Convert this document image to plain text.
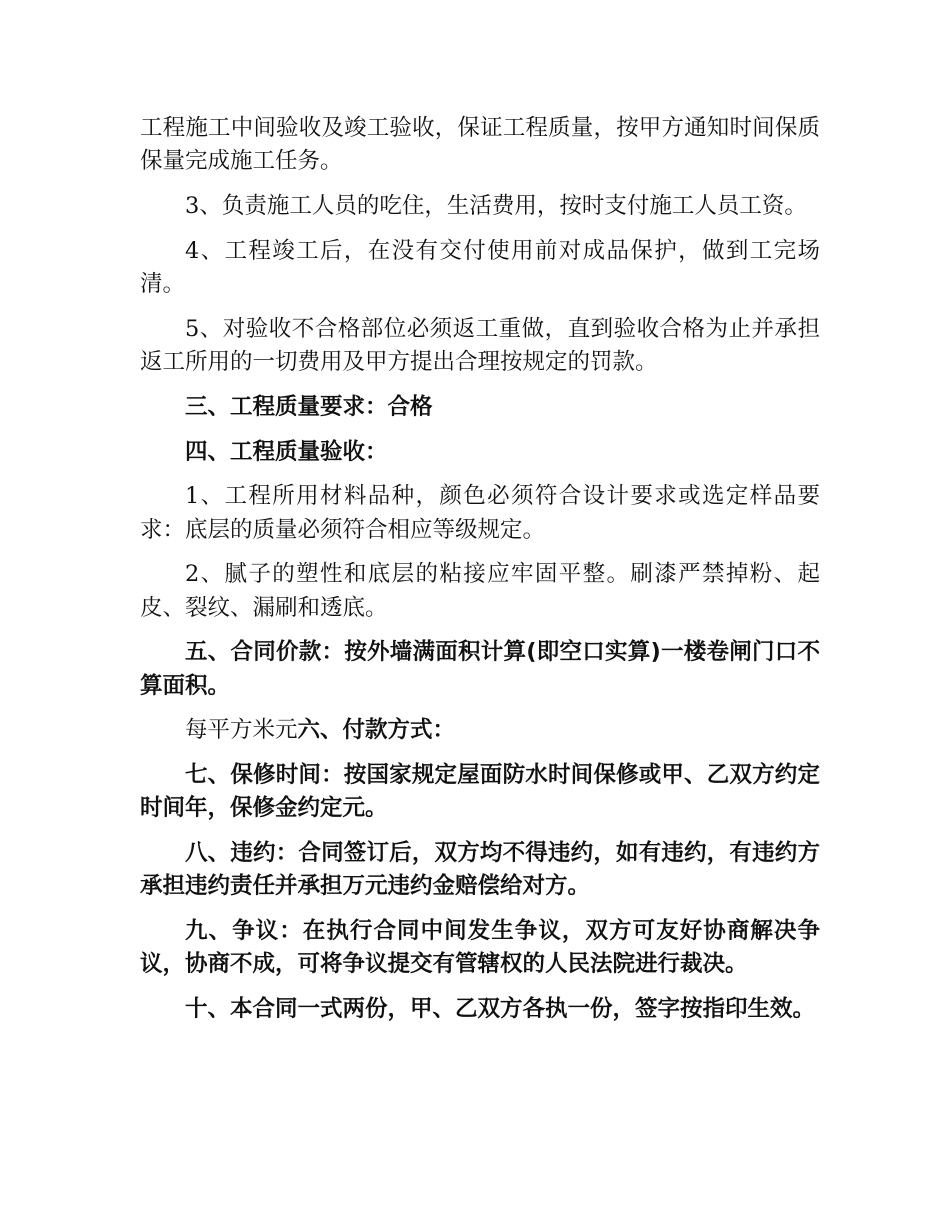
工程施工中间验收及竣工验收，保证工程质量，按甲方通知时间保质保量完成施工任务。

3、负责施工人员的吃住，生活费用，按时支付施工人员工资。

4、工程竣工后，在没有交付使用前对成品保护，做到工完场清。

5、对验收不合格部位必须返工重做，直到验收合格为止并承担返工所用的一切费用及甲方提出合理按规定的罚款。

三、工程质量要求：合格

四、工程质量验收：

1、工程所用材料品种，颜色必须符合设计要求或选定样品要求：底层的质量必须符合相应等级规定。

2、腻子的塑性和底层的粘接应牢固平整。刷漆严禁掉粉、起皮、裂纹、漏刷和透底。

五、合同价款：按外墙满面积计算(即空口实算)一楼卷闸门口不算面积。

每平方米元六、付款方式：

七、保修时间：按国家规定屋面防水时间保修或甲、乙双方约定时间年，保修金约定元。

八、违约：合同签订后，双方均不得违约，如有违约，有违约方承担违约责任并承担万元违约金赔偿给对方。

九、争议：在执行合同中间发生争议，双方可友好协商解决争议，协商不成，可将争议提交有管辖权的人民法院进行裁决。

十、本合同一式两份，甲、乙双方各执一份，签字按指印生效。
